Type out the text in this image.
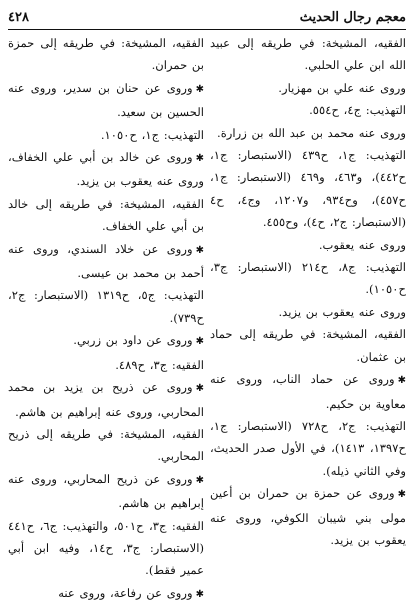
معجم رجال الحديث
٤٢٨

الفقيه، المشيخة: في طريقه إلى عبيد الله ابن علي الحلبي.

وروى عنه علي بن مهزيار.

التهذيب: ج٤، ح٥٥٤.

وروى عنه محمد بن عبد الله بن زرارة.

التهذيب: ج١، ح٤٣٩ (الاستبصار: ج١، ح٤٤٢)، و٤٦٣، و٤٦٩ (الاستبصار: ج١، ح٤٥٧)، وح٩٣٤، و١٢٠٧، وج٤، ح٤ (الاستبصار: ج٢، ح٤)، وح٤٥٥.

وروى عنه يعقوب.

التهذيب: ج٨، ح٢١٤ (الاستبصار: ج٣، ح١٠٥٠).

وروى عنه يعقوب بن يزيد.

الفقيه، المشيخة: في طريقه إلى حماد بن عثمان.

✱وروى عن حماد الناب، وروى عنه معاوية بن حكيم.

التهذيب: ج٢، ح٧٢٨ (الاستبصار: ج١، ح١٣٩٧، ١٤١٣)، في الأول صدر الحديث، وفي الثاني ذيله).

✱وروى عن حمزة بن حمران بن أعين مولى بني شيبان الكوفي، وروى عنه يعقوب بن يزيد.

الفقيه، المشيخة: في طريقه إلى حمزة بن حمران.

✱وروى عن حنان بن سدير، وروى عنه الحسين بن سعيد.

التهذيب: ج١، ح١٠٥٠.

✱وروى عن خالد بن أبي علي الخفاف، وروى عنه يعقوب بن يزيد.

الفقيه، المشيخة: في طريقه إلى خالد بن أبي علي الخفاف.

✱وروى عن خلاد السندي، وروى عنه أحمد بن محمد بن عيسى.

التهذيب: ج٥، ح١٣١٩ (الاستبصار: ج٢، ح٧٣٩).

✱وروى عن داود بن زربي.

الفقيه: ج٣، ح٤٨٩.

✱وروى عن ذريح بن يزيد بن محمد المحاربي، وروى عنه إبراهيم بن هاشم.

الفقيه، المشيخة: في طريقه إلى ذريح المحاربي.

✱وروى عن ذريح المحاربي، وروى عنه إبراهيم بن هاشم.

الفقيه: ج٣، ح٥٠١، والتهذيب: ج٦، ح٤٤١ (الاستبصار: ج٣، ح١٤، وفيه ابن أبي عمير فقط).

✱وروى عن رفاعة، وروى عنه
